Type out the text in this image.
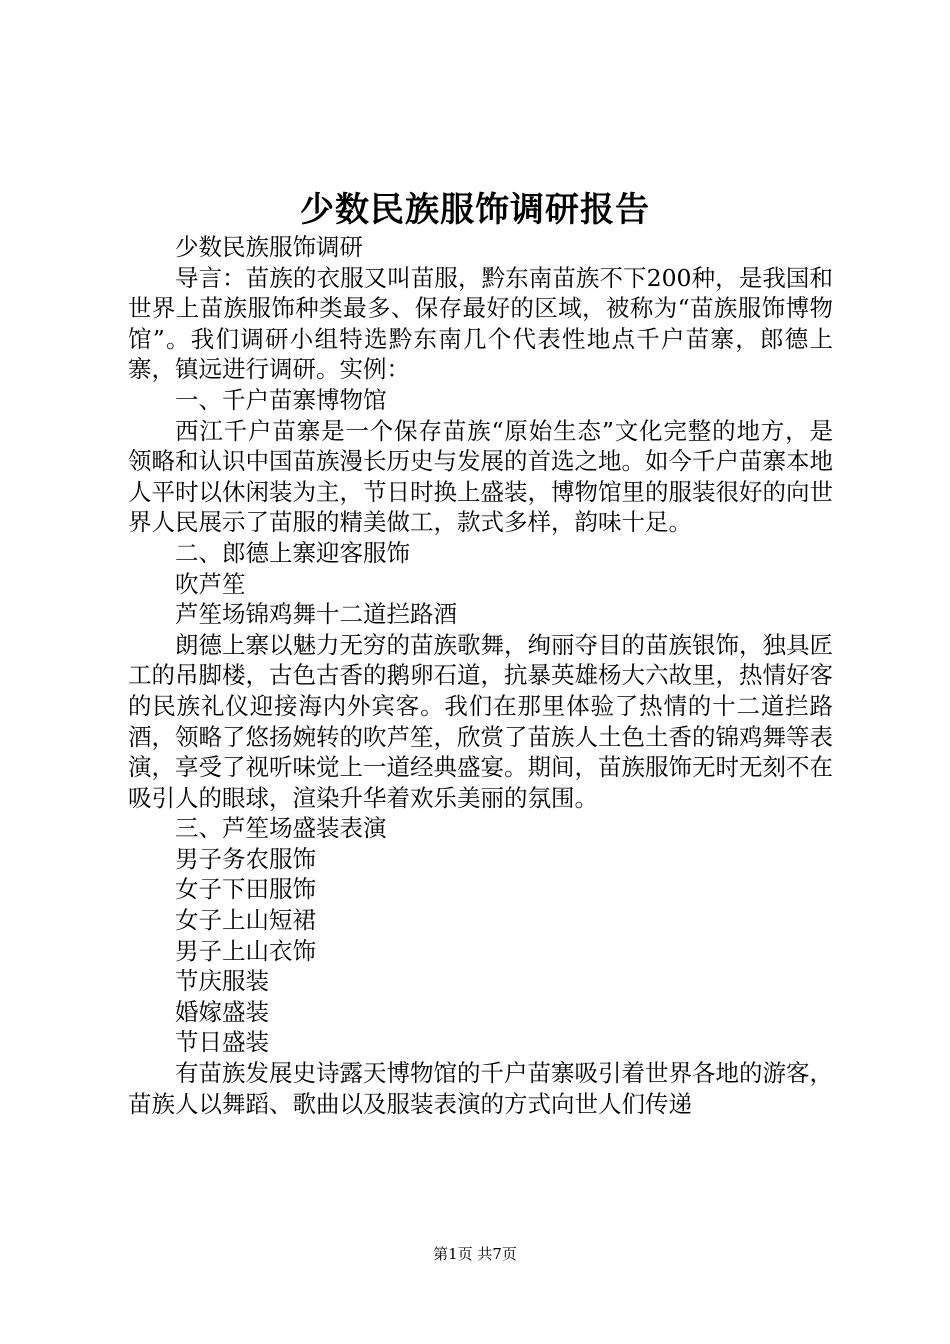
少数民族服饰调研报告

少数民族服饰调研

导言：苗族的衣服又叫苗服，黔东南苗族不下200种，是我国和世界上苗族服饰种类最多、保存最好的区域，被称为“苗族服饰博物馆”。我们调研小组特选黔东南几个代表性地点千户苗寨，郎德上寨，镇远进行调研。实例：

一、千户苗寨博物馆

西江千户苗寨是一个保存苗族“原始生态”文化完整的地方，是领略和认识中国苗族漫长历史与发展的首选之地。如今千户苗寨本地人平时以休闲装为主，节日时换上盛装，博物馆里的服装很好的向世界人民展示了苗服的精美做工，款式多样，韵味十足。

二、郎德上寨迎客服饰

吹芦笙

芦笙场锦鸡舞十二道拦路酒

朗德上寨以魅力无穷的苗族歌舞，绚丽夺目的苗族银饰，独具匠工的吊脚楼，古色古香的鹅卵石道，抗暴英雄杨大六故里，热情好客的民族礼仪迎接海内外宾客。我们在那里体验了热情的十二道拦路酒，领略了悠扬婉转的吹芦笙，欣赏了苗族人土色土香的锦鸡舞等表演，享受了视听味觉上一道经典盛宴。期间，苗族服饰无时无刻不在吸引人的眼球，渲染升华着欢乐美丽的氛围。

三、芦笙场盛装表演

男子务农服饰

女子下田服饰

女子上山短裙

男子上山衣饰

节庆服装

婚嫁盛装

节日盛装

有苗族发展史诗露天博物馆的千户苗寨吸引着世界各地的游客，苗族人以舞蹈、歌曲以及服装表演的方式向世人们传递

第1页 共7页
